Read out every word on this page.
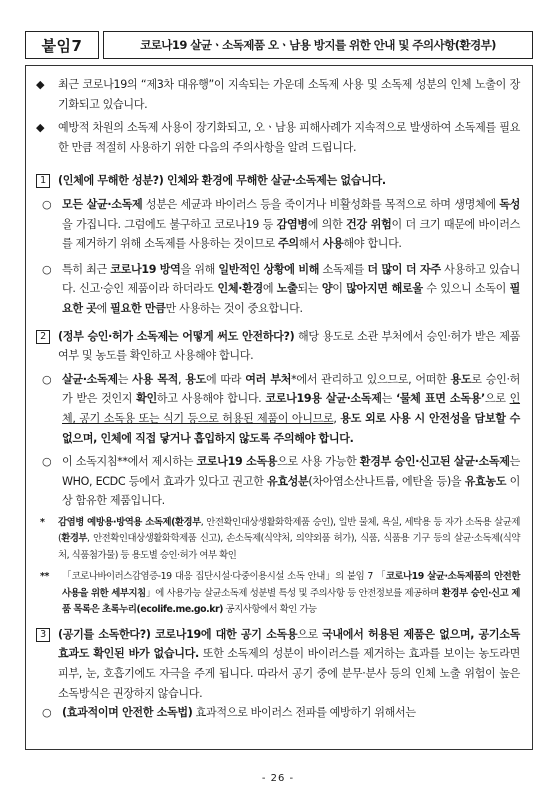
붙임7	코로나19 살균ㆍ소독제품 오ㆍ남용 방지를 위한 안내 및 주의사항(환경부)
◆ 최근 코로나19의 “제3차 대유행”이 지속되는 가운데 소독제 사용 및 소독제 성분의 인체 노출이 장기화되고 있습니다.
◆ 예방적 차원의 소독제 사용이 장기화되고, 오ㆍ남용 피해사례가 지속적으로 발생하여 소독제를 필요한 만큼 적절히 사용하기 위한 다음의 주의사항을 알려 드립니다.
1	(인체에 무해한 성분?) 인체와 환경에 무해한 살균·소독제는 없습니다.
○ 모든 살균·소독제 성분은 세균과 바이러스 등을 죽이거나 비활성화를 목적으로 하며 생명체에 독성을 가집니다. 그럼에도 불구하고 코로나19 등 감염병에 의한 건강 위험이 더 크기 때문에 바이러스를 제거하기 위해 소독제를 사용하는 것이므로 주의해서 사용해야 합니다.
○ 특히 최근 코로나19 방역을 위해 일반적인 상황에 비해 소독제를 더 많이 더 자주 사용하고 있습니다. 신고·승인 제품이라 하더라도 인체·환경에 노출되는 양이 많아지면 해로울 수 있으니 소독이 필요한 곳에 필요한 만큼만 사용하는 것이 중요합니다.
2	(정부 승인·허가 소독제는 어떻게 써도 안전하다?) 해당 용도로 소관 부처에서 승인·허가 받은 제품 여부 및 농도를 확인하고 사용해야 합니다.
○ 살균·소독제는 사용 목적, 용도에 따라 여러 부처*에서 관리하고 있으므로, 어떠한 용도로 승인·허가 받은 것인지 확인하고 사용해야 합니다. 코로나19용 살균·소독제는 ‘물체 표면 소독용’으로 인체, 공기 소독용 또는 식기 등으로 허용된 제품이 아니므로, 용도 외로 사용 시 안전성을 담보할 수 없으며, 인체에 직접 닿거나 흡입하지 않도록 주의해야 합니다.
○ 이 소독지침**에서 제시하는 코로나19 소독용으로 사용 가능한 환경부 승인·신고된 살균·소독제는 WHO, ECDC 등에서 효과가 있다고 권고한 유효성분(차아염소산나트륨, 에탄올 등)을 유효농도 이상 함유한 제품입니다.
* 감염병 예방용·방역용 소독제(환경부, 안전확인대상생활화학제품 승인), 일반 물체, 욕실, 세탁용 등 자가 소독용 살균제(환경부, 안전확인대상생활화학제품 신고), 손소독제(식약처, 의약외품 허가), 식품, 식품용 기구 등의 살균·소독제(식약처, 식품첨가물) 등 용도별 승인·허가 여부 확인
** 「코로나바이러스감염증-19 대응 집단시설·다중이용시설 소독 안내」의 붙임 7 「코로나19 살균·소독제품의 안전한 사용을 위한 세부지침」에 사용가능 살균소독제 성분별 특성 및 주의사항 등 안전정보를 제공하며 환경부 승인·신고 제품 목록은 초록누리(ecolife.me.go.kr) 공지사항에서 확인 가능
3	(공기를 소독한다?) 코로나19에 대한 공기 소독용으로 국내에서 허용된 제품은 없으며, 공기소독 효과도 확인된 바가 없습니다. 또한 소독제의 성분이 바이러스를 제거하는 효과를 보이는 농도라면 피부, 눈, 호흡기에도 자극을 주게 됩니다. 따라서 공기 중에 분무·분사 등의 인체 노출 위험이 높은 소독방식은 권장하지 않습니다.
○ (효과적이며 안전한 소독법) 효과적으로 바이러스 전파를 예방하기 위해서는
- 26 -
